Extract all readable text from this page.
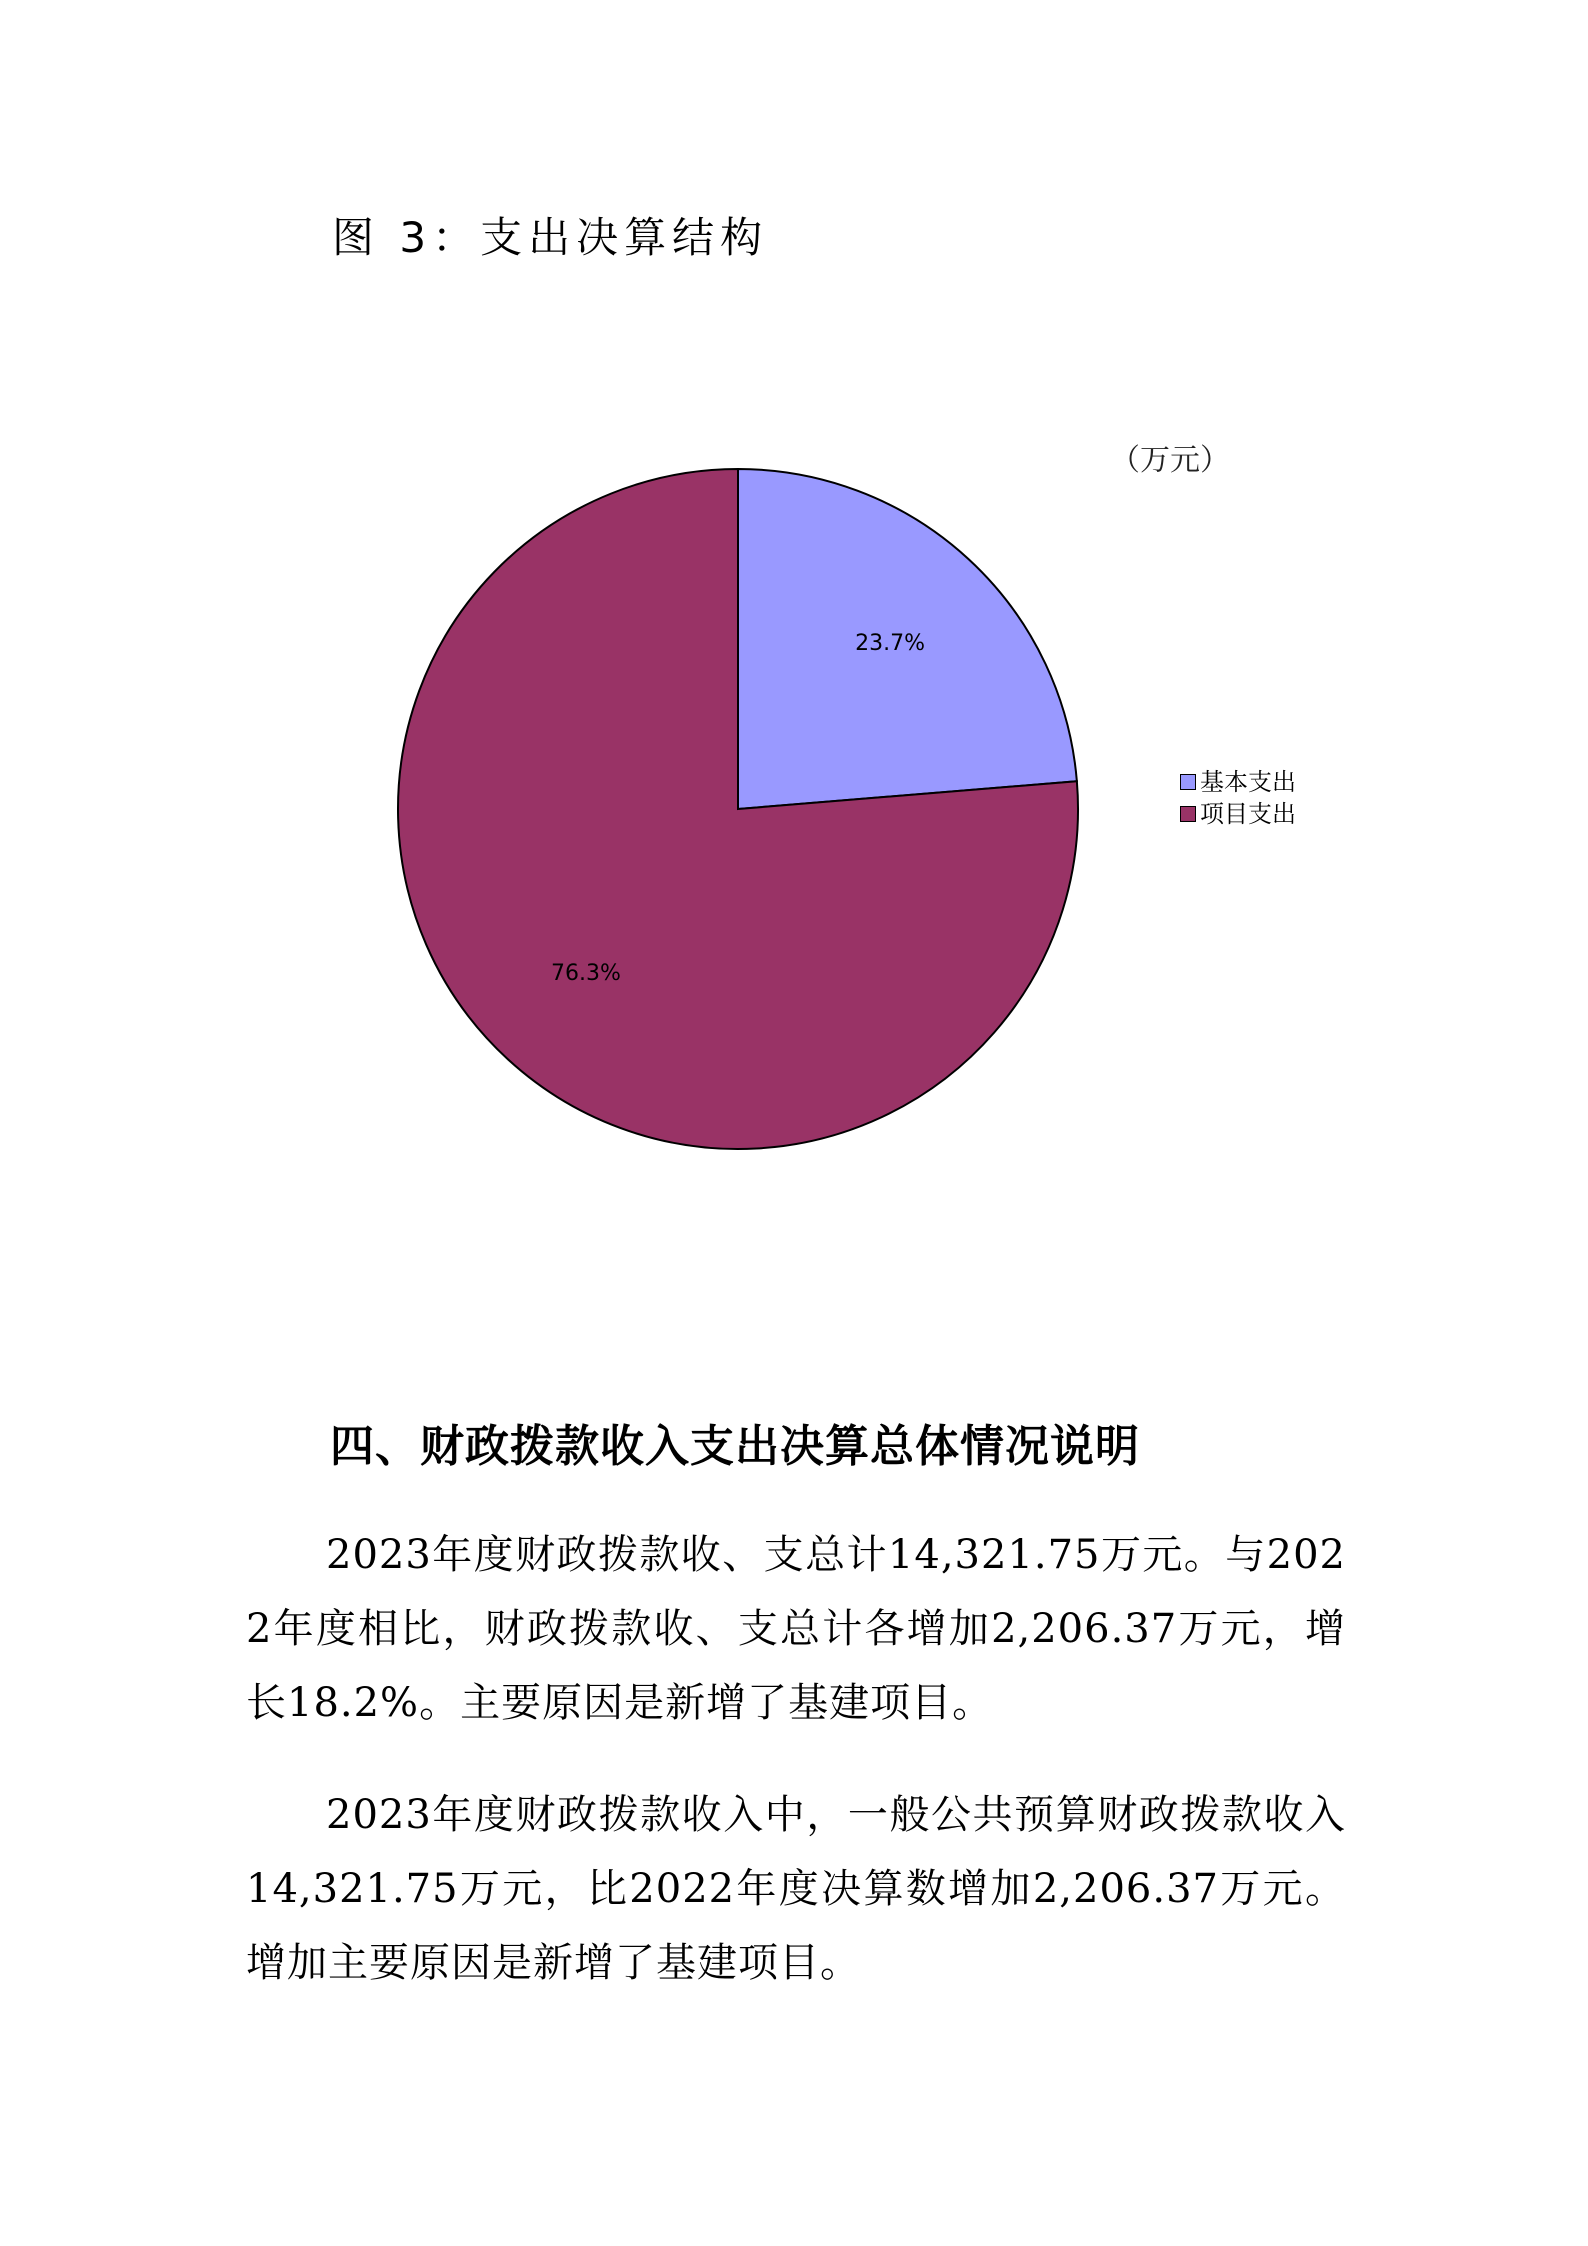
图 3：支出决算结构
23.7%
76.3%
（万元）
基本支出
项目支出
四、财政拨款收入支出决算总体情况说明
2023年度财政拨款收、支总计14,321.75万元。与2022年度相比，财政拨款收、支总计各增加2,206.37万元，增长18.2%。主要原因是新增了基建项目。
2023年度财政拨款收入中，一般公共预算财政拨款收入14,321.75万元，比2022年度决算数增加2,206.37万元。增加主要原因是新增了基建项目。
